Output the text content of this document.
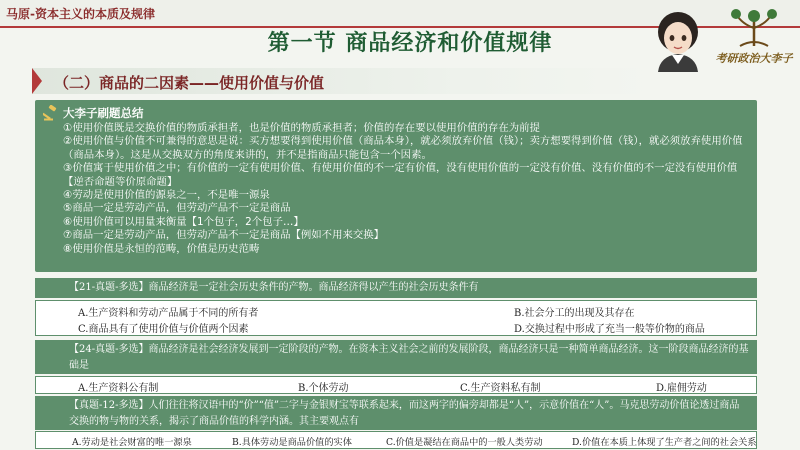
马原-资本主义的本质及规律
第一节 商品经济和价值规律
考研政治大李子
（二）商品的二因素——使用价值与价值
大李子刷题总结
①使用价值既是交换价值的物质承担者，也是价值的物质承担者；价值的存在要以使用价值的存在为前提
②使用价值与价值不可兼得的意思是说：买方想要得到使用价值（商品本身），就必须放弃价值（钱）；卖方想要得到价值（钱），就必须放弃使用价值（商品本身）。这是从交换双方的角度来讲的，并不是指商品只能包含一个因素。
③价值寓于使用价值之中；有价值的一定有使用价值、有使用价值的不一定有价值，没有使用价值的一定没有价值、没有价值的不一定没有使用价值【逆否命题等价原命题】
④劳动是使用价值的源泉之一，不是唯一源泉
⑤商品一定是劳动产品，但劳动产品不一定是商品
⑥使用价值可以用量来衡量【1个包子，2个包子…】
⑦商品一定是劳动产品，但劳动产品不一定是商品【例如不用来交换】
⑧使用价值是永恒的范畴，价值是历史范畴
【21-真题-多选】商品经济是一定社会历史条件的产物。商品经济得以产生的社会历史条件有
A.生产资料和劳动产品属于不同的所有者	B.社会分工的出现及其存在
C.商品具有了使用价值与价值两个因素	D.交换过程中形成了充当一般等价物的商品
【24-真题-多选】商品经济是社会经济发展到一定阶段的产物。在资本主义社会之前的发展阶段，商品经济只是一种简单商品经济。这一阶段商品经济的基础是
A.生产资料公有制	B.个体劳动	C.生产资料私有制	D.雇佣劳动
【真题-12-多选】人们往往将汉语中的“价”“值”二字与金银财宝等联系起来，而这两字的偏旁却都是“人”，示意价值在“人”。马克思劳动价值论透过商品交换的物与物的关系，揭示了商品价值的科学内涵。其主要观点有
A.劳动是社会财富的唯一源泉	B.具体劳动是商品价值的实体	C.价值是凝结在商品中的一般人类劳动	D.价值在本质上体现了生产者之间的社会关系
